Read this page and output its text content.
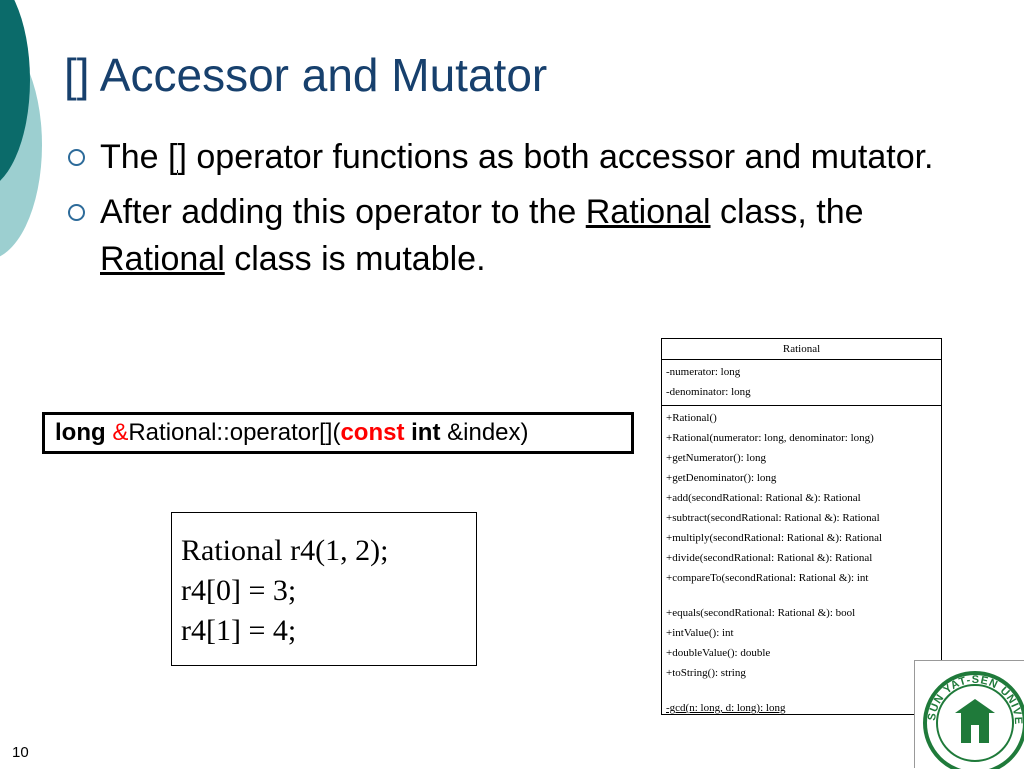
[] Accessor and Mutator
The [] operator functions as both accessor and mutator.
After adding this operator to the Rational class, the Rational class is mutable.
long &Rational::operator[](const int &index)
Rational r4(1, 2);
r4[0] = 3;
r4[1] = 4;
Rational
-numerator: long
-denominator: long
+Rational()
+Rational(numerator: long, denominator: long)
+getNumerator(): long
+getDenominator(): long
+add(secondRational: Rational &): Rational
+subtract(secondRational: Rational &): Rational
+multiply(secondRational: Rational &): Rational
+divide(secondRational: Rational &): Rational
+compareTo(secondRational: Rational &): int
+equals(secondRational: Rational &): bool
+intValue(): int
+doubleValue(): double
+toString(): string
-gcd(n: long, d: long): long
SUN YAT-SEN UNIVE
10
